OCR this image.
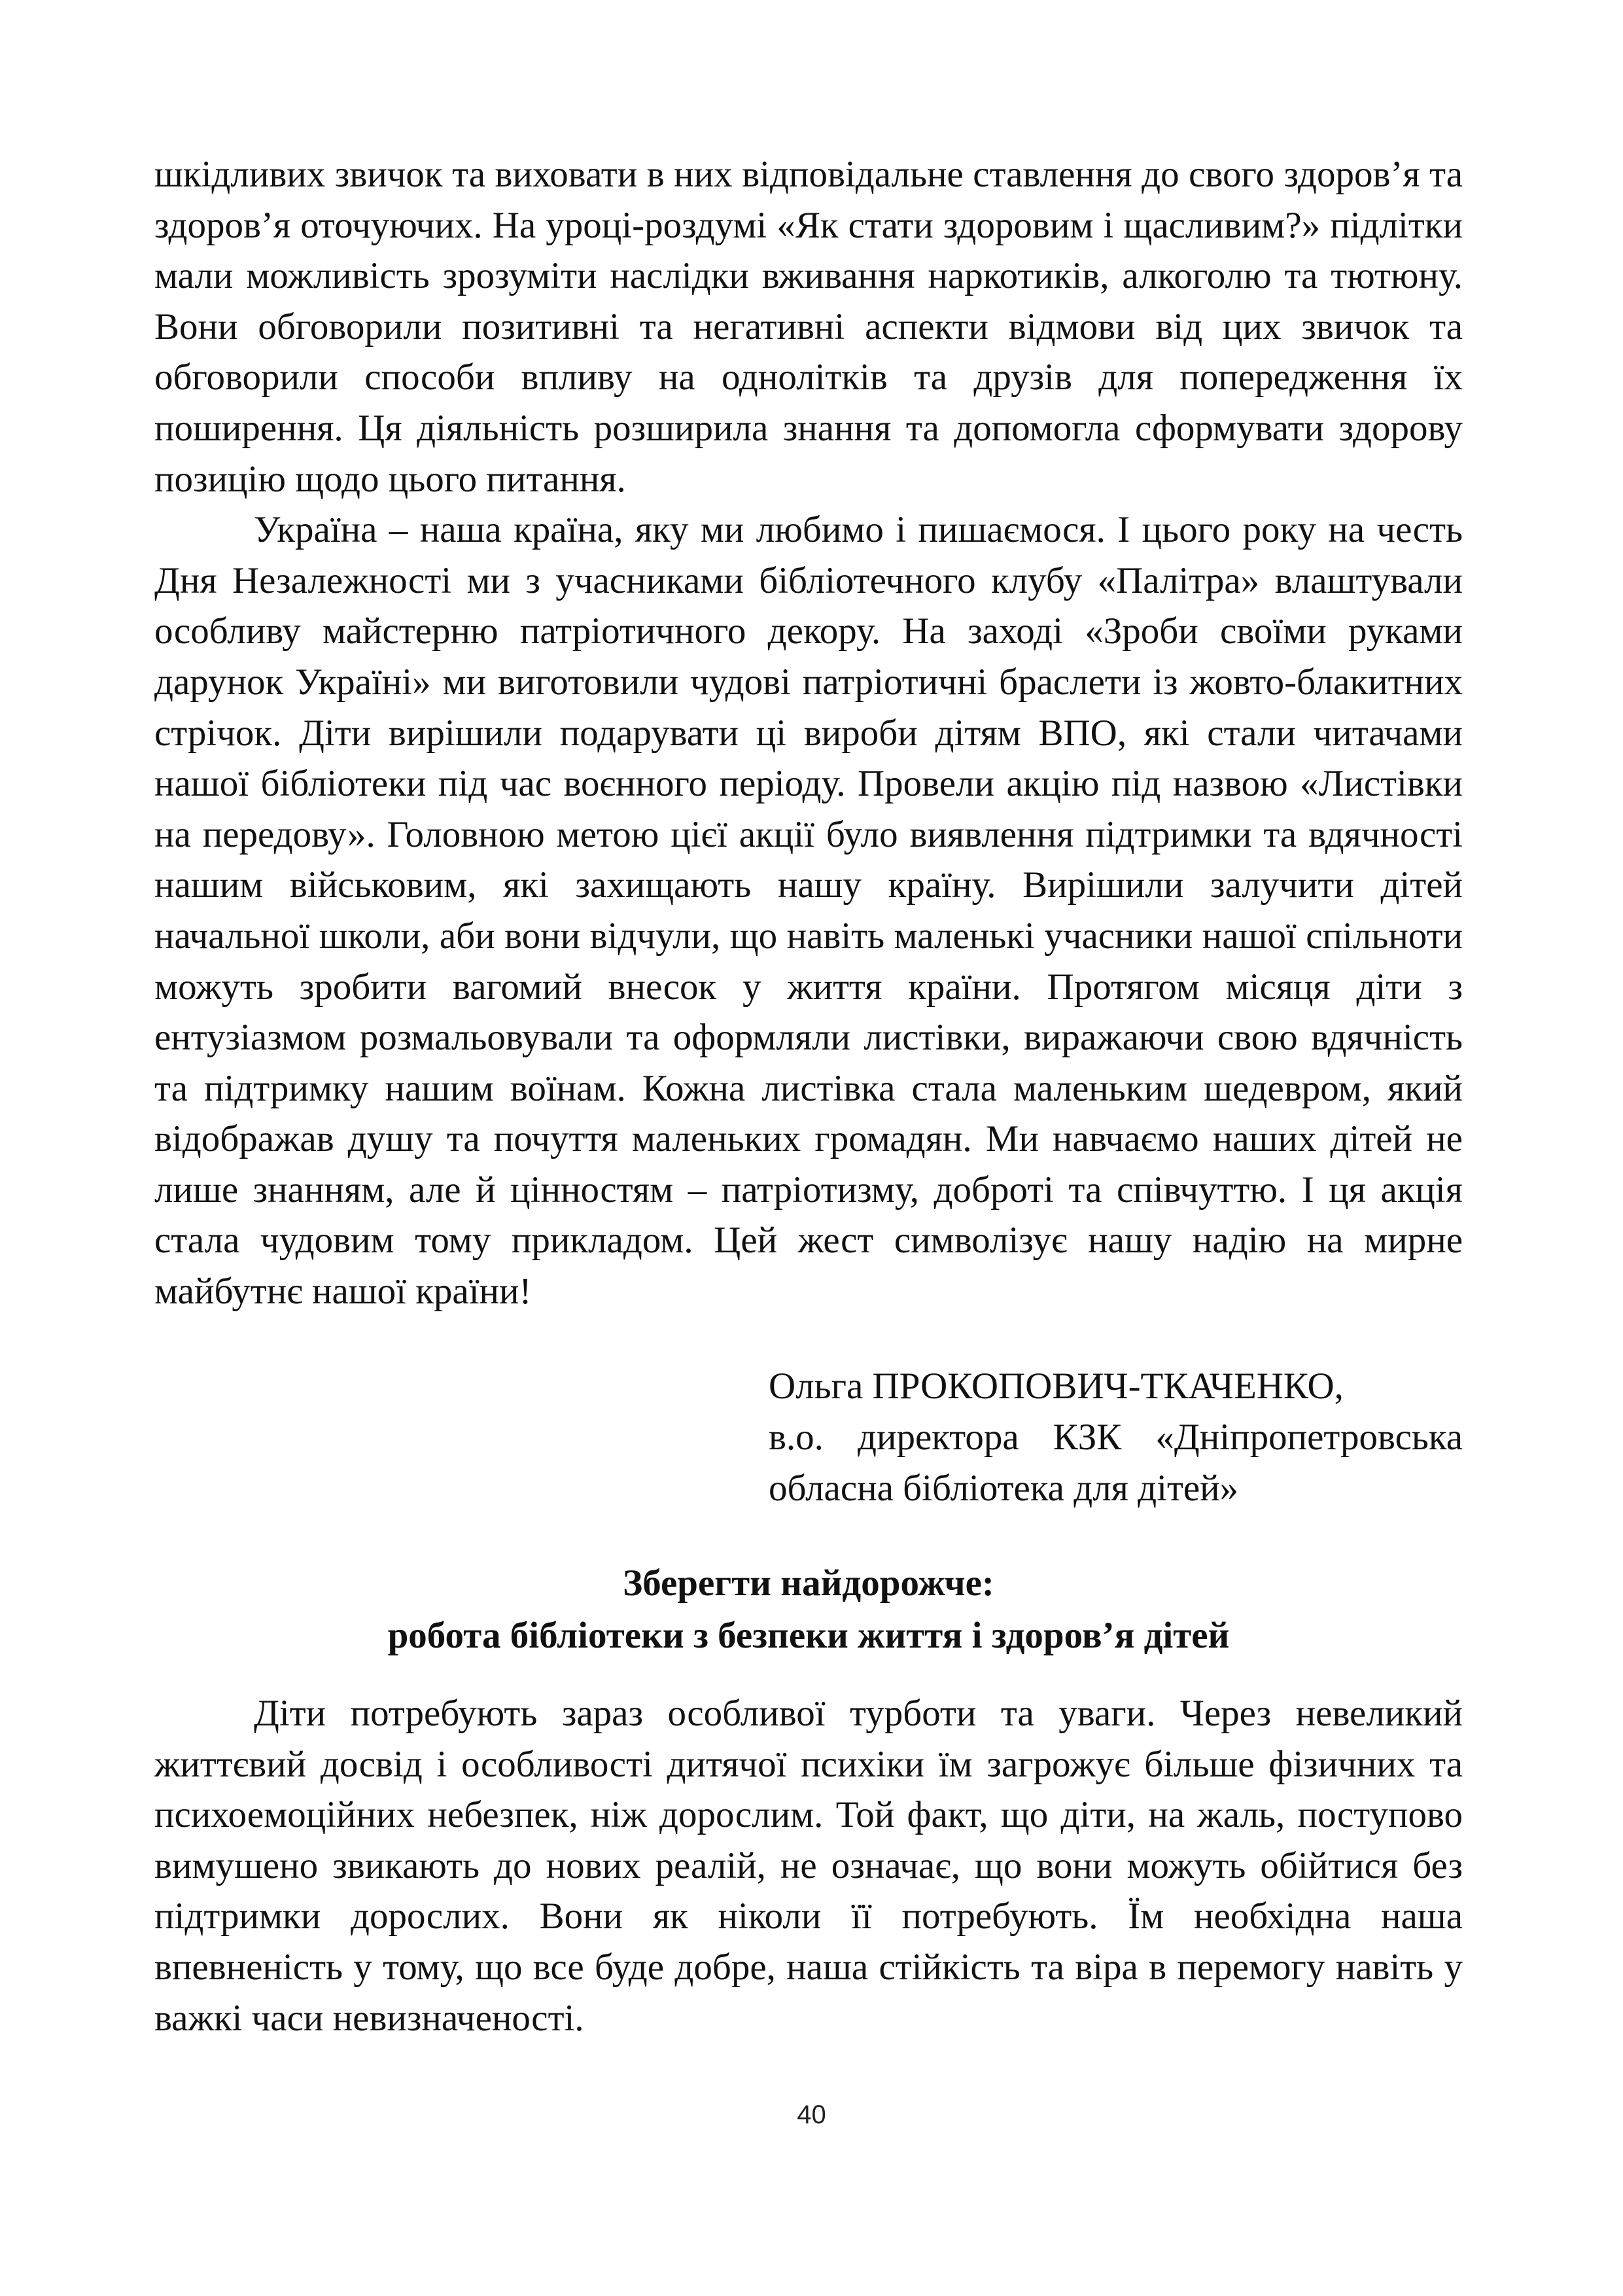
шкідливих звичок та виховати в них відповідальне ставлення до свого здоров’я та здоров’я оточуючих. На уроці-роздумі «Як стати здоровим і щасливим?» підлітки мали можливість зрозуміти наслідки вживання наркотиків, алкоголю та тютюну. Вони обговорили позитивні та негативні аспекти відмови від цих звичок та обговорили способи впливу на однолітків та друзів для попередження їх поширення. Ця діяльність розширила знання та допомогла сформувати здорову позицію щодо цього питання.

Україна – наша країна, яку ми любимо і пишаємося. І цього року на честь Дня Незалежності ми з учасниками бібліотечного клубу «Палітра» влаштували особливу майстерню патріотичного декору. На заході «Зроби своїми руками дарунок Україні» ми виготовили чудові патріотичні браслети із жовто-блакитних стрічок. Діти вирішили подарувати ці вироби дітям ВПО, які стали читачами нашої бібліотеки під час воєнного періоду. Провели акцію під назвою «Листівки на передову». Головною метою цієї акції було виявлення підтримки та вдячності нашим військовим, які захищають нашу країну. Вирішили залучити дітей начальної школи, аби вони відчули, що навіть маленькі учасники нашої спільноти можуть зробити вагомий внесок у життя країни. Протягом місяця діти з ентузіазмом розмальовували та оформляли листівки, виражаючи свою вдячність та підтримку нашим воїнам. Кожна листівка стала маленьким шедевром, який відображав душу та почуття маленьких громадян. Ми навчаємо наших дітей не лише знанням, але й цінностям – патріотизму, доброті та співчуттю. І ця акція стала чудовим тому прикладом. Цей жест символізує нашу надію на мирне майбутнє нашої країни!

Ольга ПРОКОПОВИЧ-ТКАЧЕНКО,
в.о. директора КЗК «Дніпропетровська
обласна бібліотека для дітей»
Зберегти найдорожче:
робота бібліотеки з безпеки життя і здоров’я дітей

Діти потребують зараз особливої турботи та уваги. Через невеликий життєвий досвід і особливості дитячої психіки їм загрожує більше фізичних та психоемоційних небезпек, ніж дорослим. Той факт, що діти, на жаль, поступово вимушено звикають до нових реалій, не означає, що вони можуть обійтися без підтримки дорослих. Вони як ніколи її потребують. Їм необхідна наша впевненість у тому, що все буде добре, наша стійкість та віра в перемогу навіть у важкі часи невизначеності.

40
